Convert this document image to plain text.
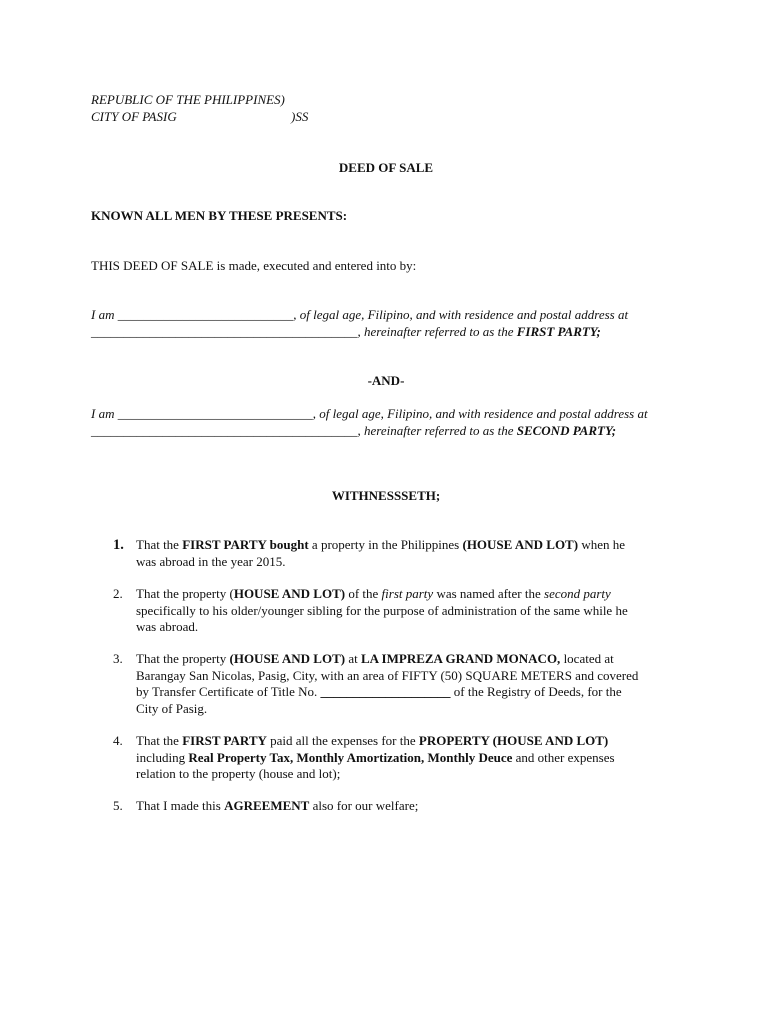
REPUBLIC OF THE PHILIPPINES)
CITY OF PASIG	)SS
DEED OF SALE
KNOWN ALL MEN BY THESE PRESENTS:
THIS DEED OF SALE is made, executed and entered into by:
I am ___________________________, of legal age, Filipino, and with residence and postal address at
_________________________________________, hereinafter referred to as the FIRST PARTY;
-AND-
I am ______________________________, of legal age, Filipino, and with residence and postal address at
_________________________________________, hereinafter referred to as the SECOND PARTY;
WITHNESSSETH;
1. That the FIRST PARTY bought a property in the Philippines (HOUSE AND LOT) when he
was abroad in the year 2015.
2. That the property (HOUSE AND LOT) of the first party was named after the second party
specifically to his older/younger sibling for the purpose of administration of the same while he
was abroad.
3. That the property (HOUSE AND LOT) at LA IMPREZA GRAND MONACO, located at
Barangay San Nicolas, Pasig, City, with an area of FIFTY (50) SQUARE METERS and covered
by Transfer Certificate of Title No. ____________________ of the Registry of Deeds, for the
City of Pasig.
4. That the FIRST PARTY paid all the expenses for the PROPERTY (HOUSE AND LOT)
including Real Property Tax, Monthly Amortization, Monthly Deuce and other expenses
relation to the property (house and lot);
5. That I made this AGREEMENT also for our welfare;
